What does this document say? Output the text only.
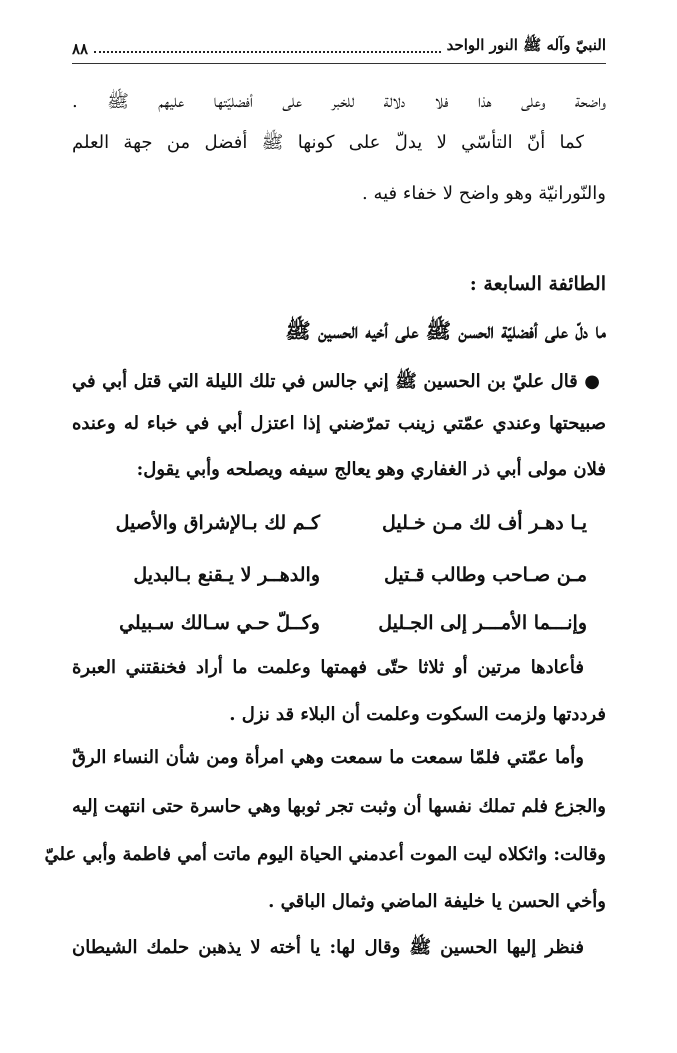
النبيّ وآله ﷺ النور الواحد
٨٨
واضحة وعلى هذا فلا دلالة للخبر على أفضليّتها عليهم ﷺ .
كما أنّ التأسّي لا يدلّ على كونها ﷺ أفضل من جهة العلم
والنّورانيّة وهو واضح لا خفاء فيه .
الطائفة السابعة :
ما دلّ على أفضليّة الحسن ﷺ على أخيه الحسين ﷺ
● قال عليّ بن الحسين ﷺ إني جالس في تلك الليلة التي قتل أبي في
صبيحتها وعندي عمّتي زينب تمرّضني إذا اعتزل أبي في خباء له وعنده
فلان مولى أبي ذر الغفاري وهو يعالج سيفه ويصلحه وأبي يقول:
يـا دهـر أف لك مـن خـليل
كـم لك بـالإشراق والأصيل
مـن صـاحب وطالب قـتيل
والدهــر لا يـقنع بـالبديل
وإنـــما الأمـــر إلى الجـليل
وكــلّ حـي سـالك سـبيلي
فأعادها مرتين أو ثلاثا حتّى فهمتها وعلمت ما أراد فخنقتني العبرة
فرددتها ولزمت السكوت وعلمت أن البلاء قد نزل .
وأما عمّتي فلمّا سمعت ما سمعت وهي امرأة ومن شأن النساء الرقّ
والجزع فلم تملك نفسها أن وثبت تجر ثوبها وهي حاسرة حتى انتهت إليه
وقالت: واثكلاه ليت الموت أعدمني الحياة اليوم ماتت أمي فاطمة وأبي عليّ
وأخي الحسن يا خليفة الماضي وثمال الباقي .
فنظر إليها الحسين ﷺ وقال لها: يا أخته لا يذهبن حلمك الشيطان
